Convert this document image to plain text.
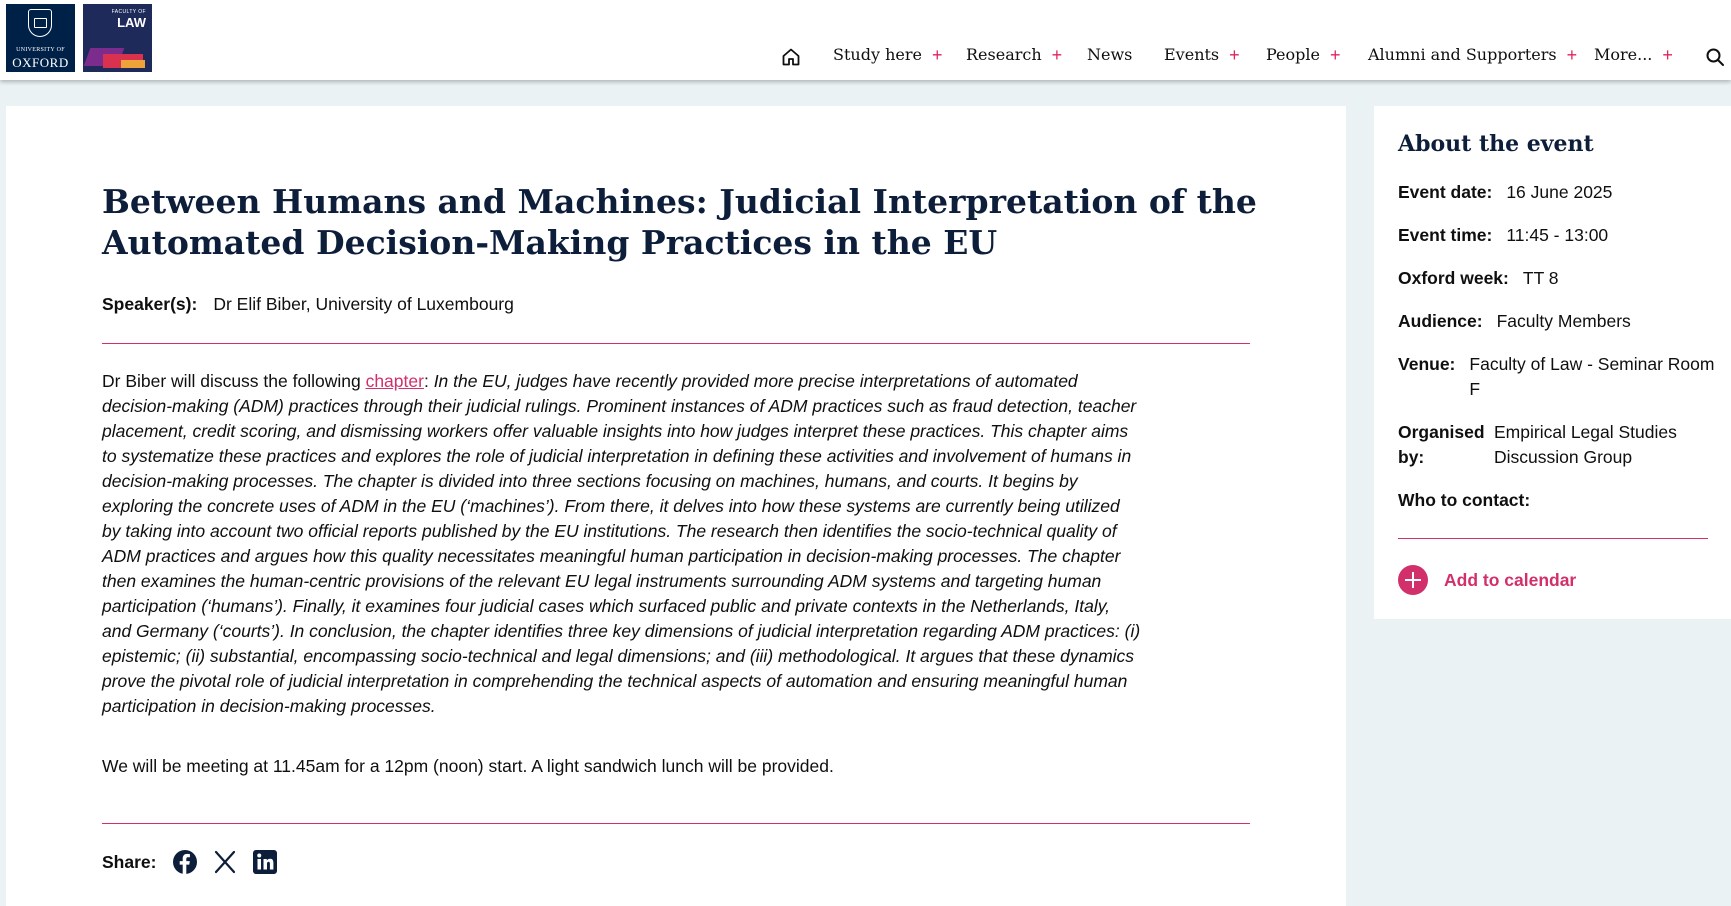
UNIVERSITY OF
OXFORD
FACULTY OF
LAW
Study here + Research + News Events + People + Alumni and Supporters + More... +
Between Humans and Machines: Judicial Interpretation of the Automated Decision-Making Practices in the EU
Speaker(s): Dr Elif Biber, University of Luxembourg

Dr Biber will discuss the following chapter: In the EU, judges have recently provided more precise interpretations of automated decision-making (ADM) practices through their judicial rulings. Prominent instances of ADM practices such as fraud detection, teacher placement, credit scoring, and dismissing workers offer valuable insights into how judges interpret these practices. This chapter aims to systematize these practices and explores the role of judicial interpretation in defining these activities and involvement of humans in decision-making processes. The chapter is divided into three sections focusing on machines, humans, and courts. It begins by exploring the concrete uses of ADM in the EU (‘machines’). From there, it delves into how these systems are currently being utilized by taking into account two official reports published by the EU institutions. The research then identifies the socio-technical quality of ADM practices and argues how this quality necessitates meaningful human participation in decision-making processes. The chapter then examines the human-centric provisions of the relevant EU legal instruments surrounding ADM systems and targeting human participation (‘humans’). Finally, it examines four judicial cases which surfaced public and private contexts in the Netherlands, Italy, and Germany (‘courts’). In conclusion, the chapter identifies three key dimensions of judicial interpretation regarding ADM practices: (i) epistemic; (ii) substantial, encompassing socio-technical and legal dimensions; and (iii) methodological. It argues that these dynamics prove the pivotal role of judicial interpretation in comprehending the technical aspects of automation and ensuring meaningful human participation in decision-making processes.

We will be meeting at 11.45am for a 12pm (noon) start. A light sandwich lunch will be provided.

Share:
About the event
Event date: 16 June 2025
Event time: 11:45 - 13:00
Oxford week: TT 8
Audience: Faculty Members
Venue: Faculty of Law - Seminar Room F
Organised by:
Empirical Legal Studies Discussion Group
Who to contact:
Add to calendar
